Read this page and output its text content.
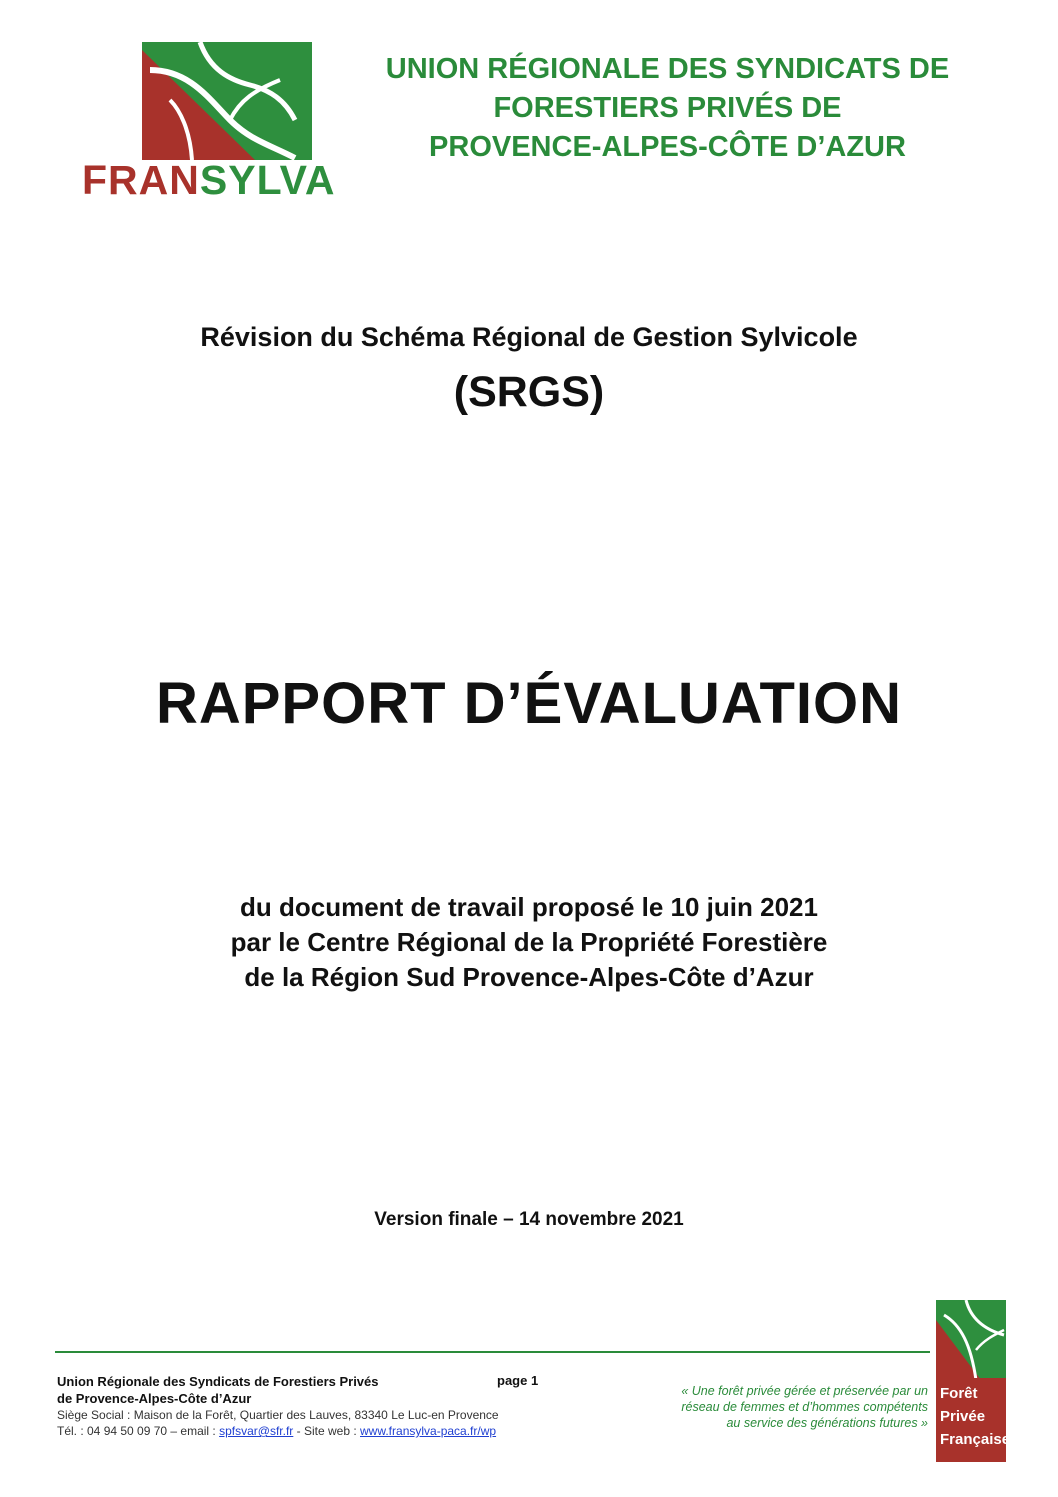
FRANSYLVA
UNION RÉGIONALE DES SYNDICATS DE
FORESTIERS PRIVÉS DE
PROVENCE-ALPES-CÔTE D’AZUR
Révision du Schéma Régional de Gestion Sylvicole
(SRGS)
RAPPORT D’ÉVALUATION
du document de travail proposé le 10 juin 2021
par le Centre Régional de la Propriété Forestière
de la Région Sud Provence-Alpes-Côte d’Azur
Version finale – 14 novembre 2021
Union Régionale des Syndicats de Forestiers Privés
de Provence-Alpes-Côte d’Azur
page 1
Siège Social : Maison de la Forêt, Quartier des Lauves, 83340 Le Luc-en Provence
Tél. : 04 94 50 09 70 – email : spfsvar@sfr.fr - Site web : www.fransylva-paca.fr/wp
« Une forêt privée gérée et préservée par un
réseau de femmes et d’hommes compétents
au service des générations futures »
Forêt
Privée
Française
